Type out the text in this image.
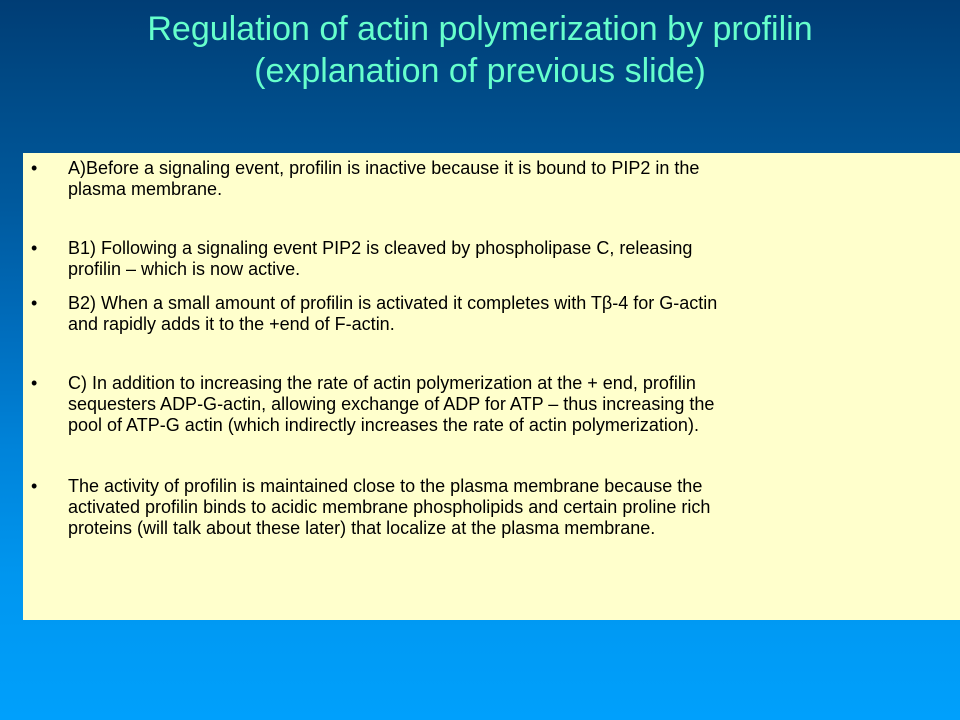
Regulation of actin polymerization by profilin
(explanation of previous slide)
•	A)Before a signaling event, profilin is inactive because it is bound to PIP2 in the
plasma membrane.
•	B1) Following a signaling event PIP2 is cleaved by phospholipase C, releasing
profilin – which is now active.
•	B2) When a small amount of profilin is activated it completes with Tβ-4 for G-actin
and rapidly adds it to the +end of F-actin.
•	C) In addition to increasing the rate of actin polymerization at the + end, profilin
sequesters ADP-G-actin, allowing exchange of ADP for ATP – thus increasing the
pool of ATP-G actin (which indirectly increases the rate of actin polymerization).
•	The activity of profilin is maintained close to the plasma membrane because the
activated profilin binds to acidic membrane phospholipids and certain proline rich
proteins (will talk about these later) that localize at the plasma membrane.
